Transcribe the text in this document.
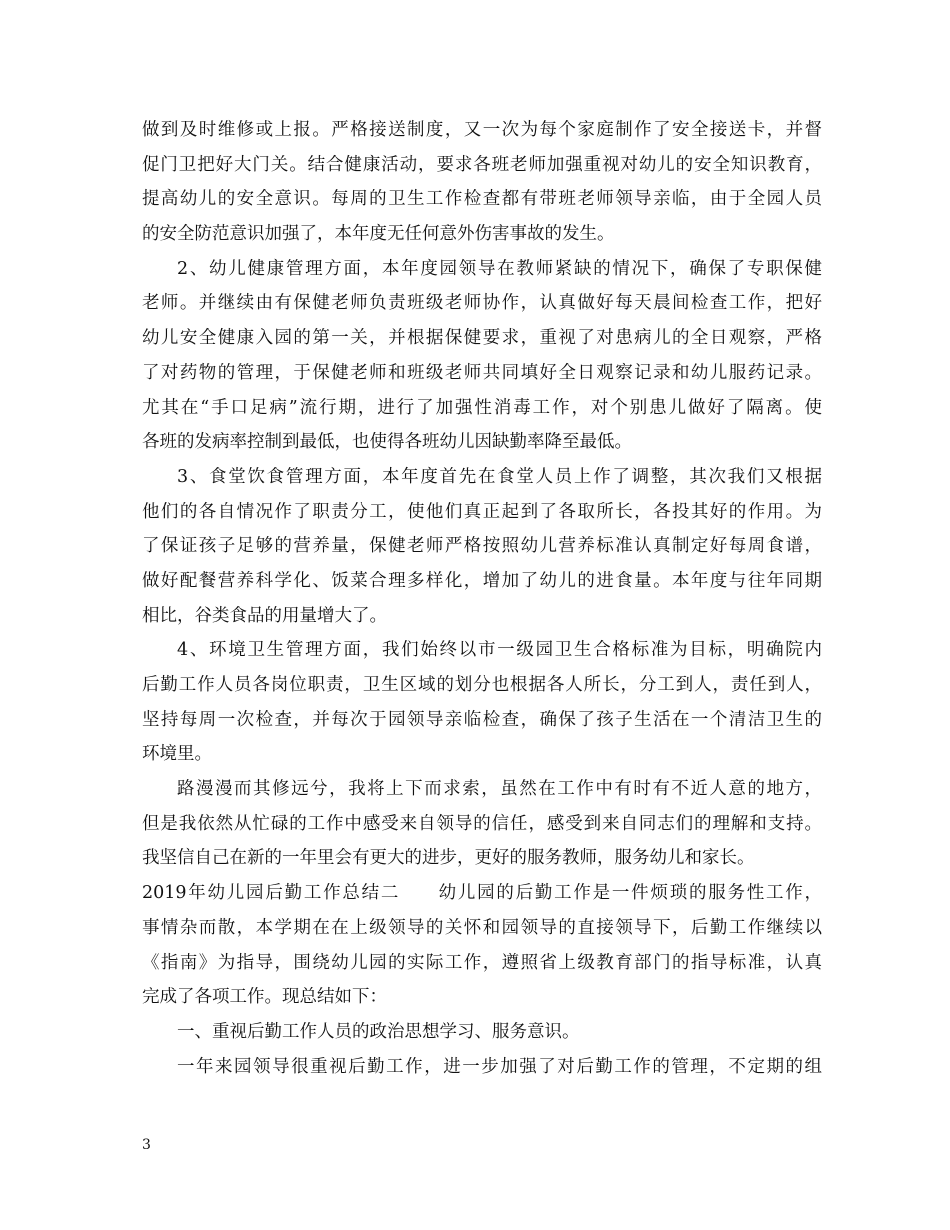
做到及时维修或上报。严格接送制度，又一次为每个家庭制作了安全接送卡，并督
促门卫把好大门关。结合健康活动，要求各班老师加强重视对幼儿的安全知识教育，
提高幼儿的安全意识。每周的卫生工作检查都有带班老师领导亲临，由于全园人员
的安全防范意识加强了，本年度无任何意外伤害事故的发生。
2、幼儿健康管理方面，本年度园领导在教师紧缺的情况下，确保了专职保健
老师。并继续由有保健老师负责班级老师协作，认真做好每天晨间检查工作，把好
幼儿安全健康入园的第一关，并根据保健要求，重视了对患病儿的全日观察，严格
了对药物的管理，于保健老师和班级老师共同填好全日观察记录和幼儿服药记录。
尤其在“手口足病”流行期，进行了加强性消毒工作，对个别患儿做好了隔离。使
各班的发病率控制到最低，也使得各班幼儿因缺勤率降至最低。
3、食堂饮食管理方面，本年度首先在食堂人员上作了调整，其次我们又根据
他们的各自情况作了职责分工，使他们真正起到了各取所长，各投其好的作用。为
了保证孩子足够的营养量，保健老师严格按照幼儿营养标准认真制定好每周食谱，
做好配餐营养科学化、饭菜合理多样化，增加了幼儿的进食量。本年度与往年同期
相比，谷类食品的用量增大了。
4、环境卫生管理方面，我们始终以市一级园卫生合格标准为目标，明确院内
后勤工作人员各岗位职责，卫生区域的划分也根据各人所长，分工到人，责任到人，
坚持每周一次检查，并每次于园领导亲临检查，确保了孩子生活在一个清洁卫生的
环境里。
路漫漫而其修远兮，我将上下而求索，虽然在工作中有时有不近人意的地方，
但是我依然从忙碌的工作中感受来自领导的信任，感受到来自同志们的理解和支持。
我坚信自己在新的一年里会有更大的进步，更好的服务教师，服务幼儿和家长。
2019年幼儿园后勤工作总结二　　幼儿园的后勤工作是一件烦琐的服务性工作，
事情杂而散，本学期在在上级领导的关怀和园领导的直接领导下，后勤工作继续以
《指南》为指导，围绕幼儿园的实际工作，遵照省上级教育部门的指导标准，认真
完成了各项工作。现总结如下：
一、重视后勤工作人员的政治思想学习、服务意识。
一年来园领导很重视后勤工作，进一步加强了对后勤工作的管理，不定期的组
3
